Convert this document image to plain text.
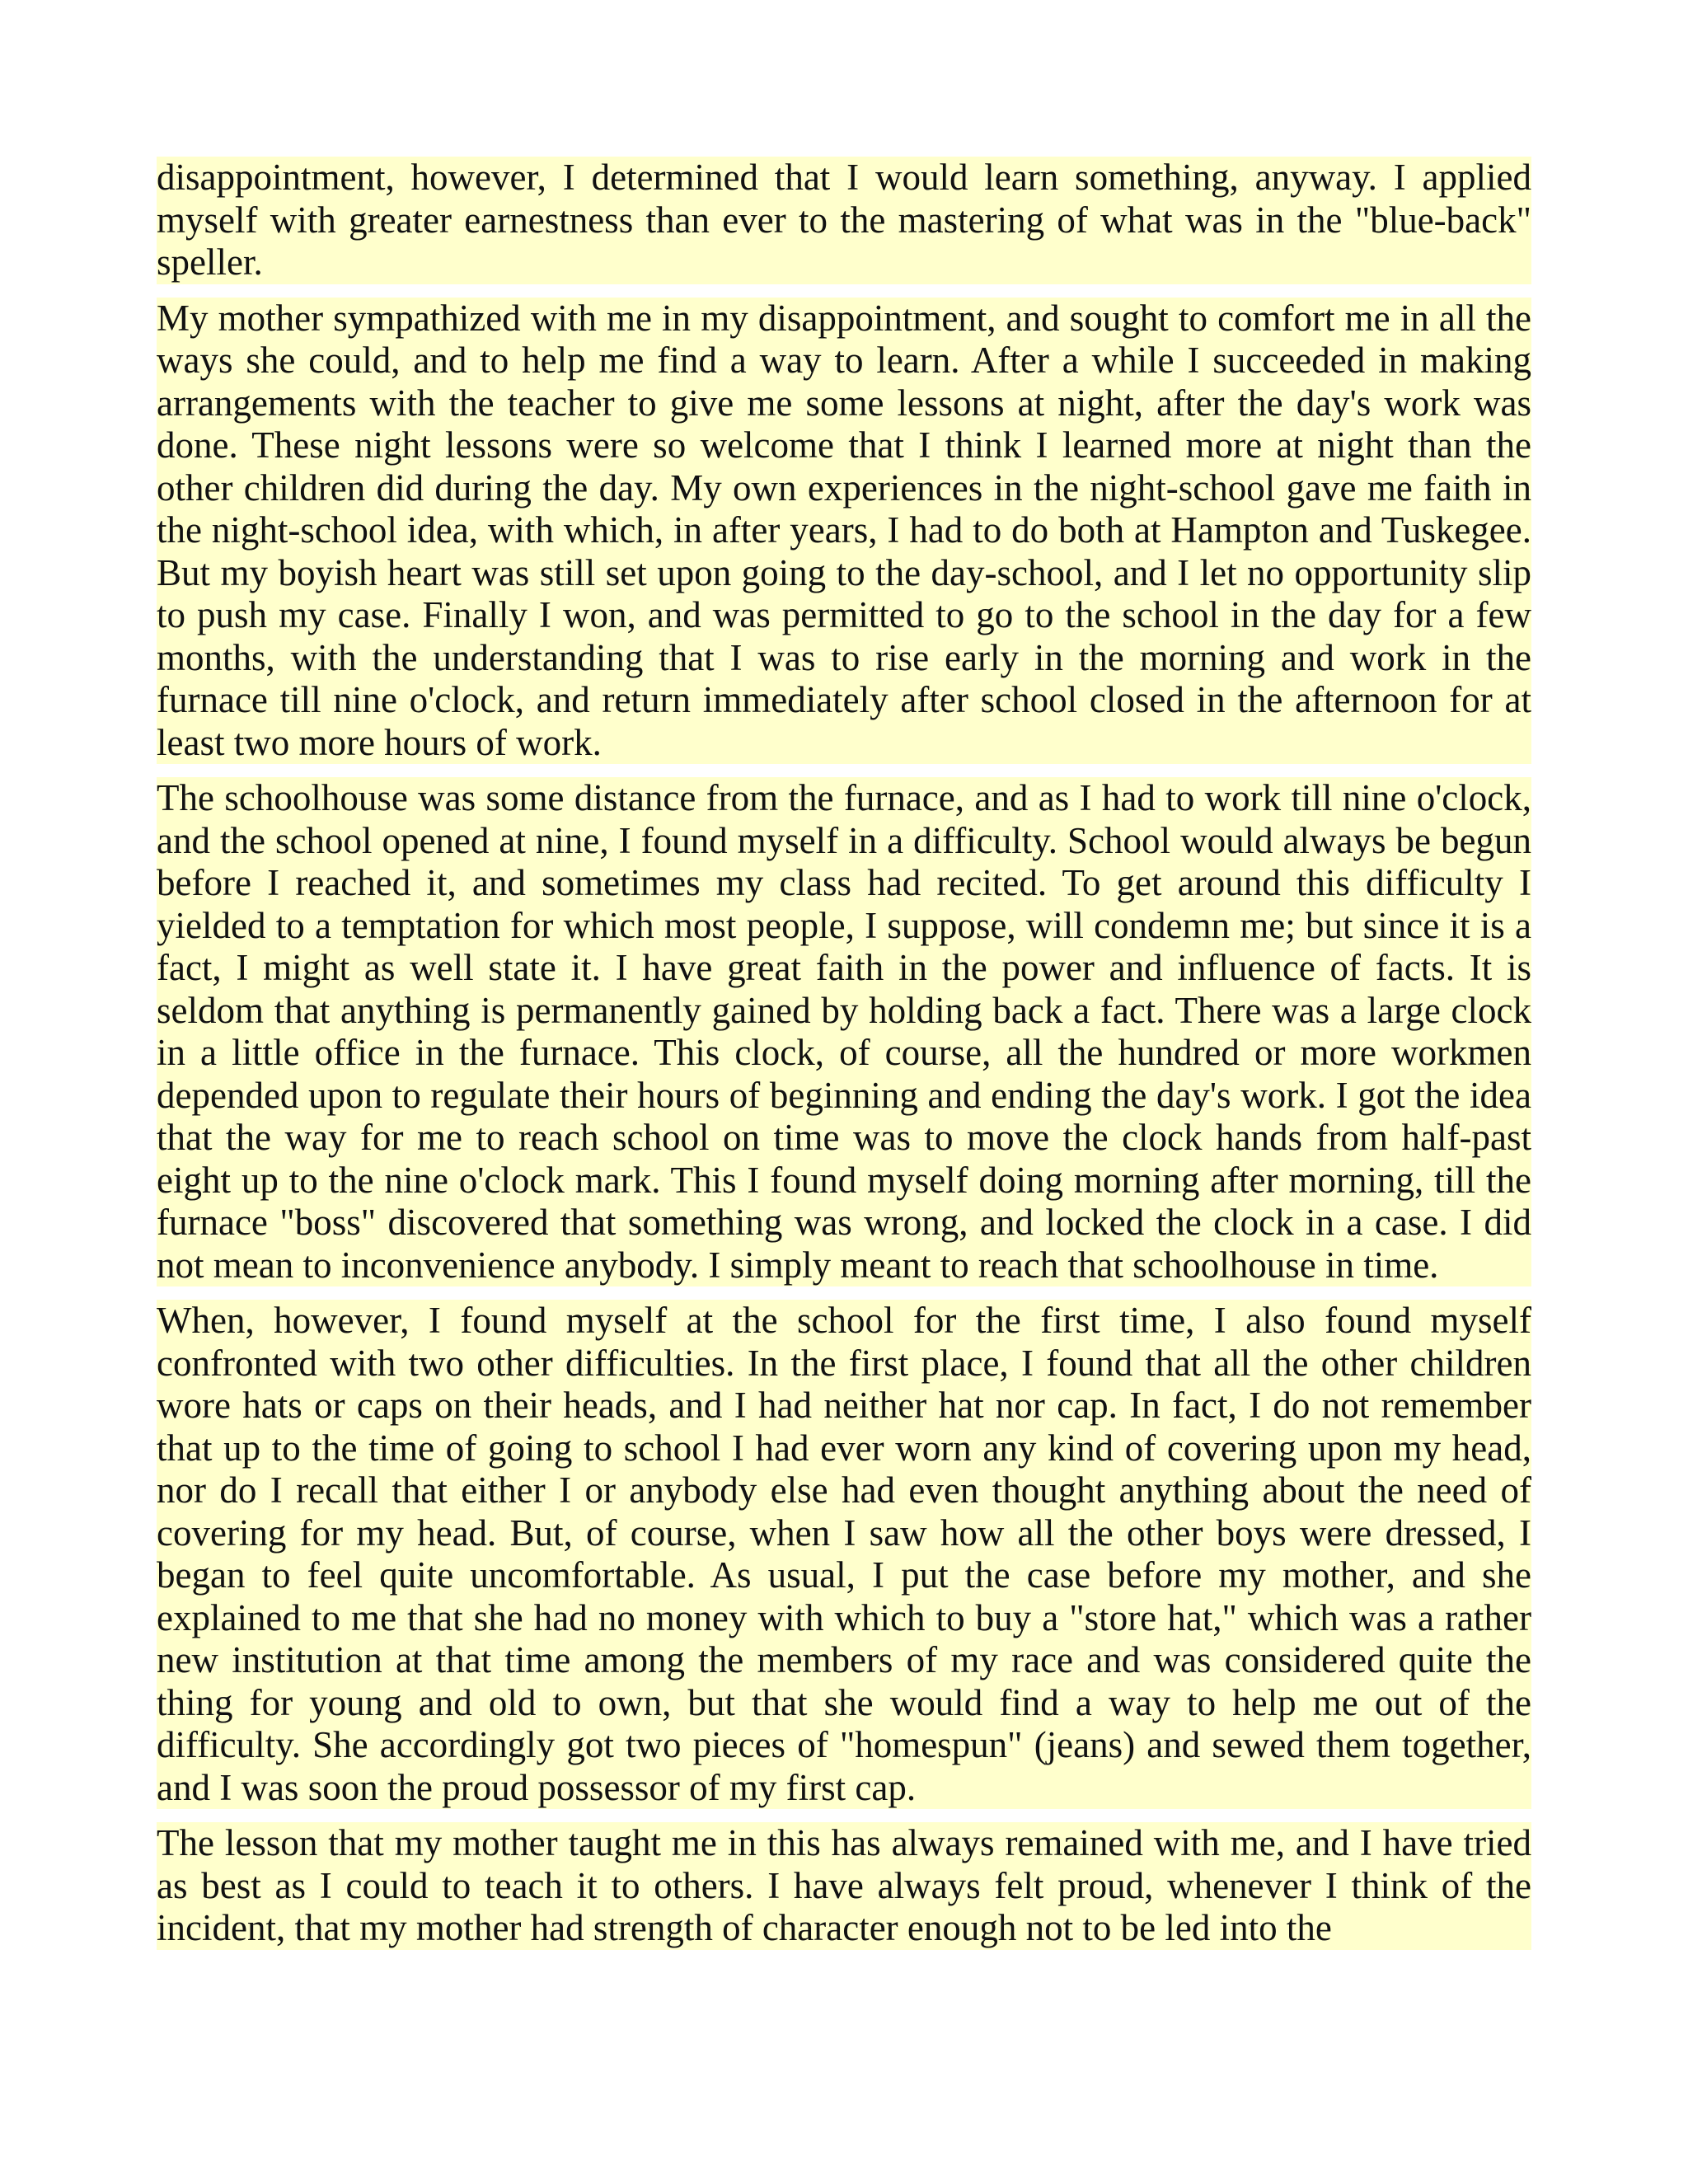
disappointment, however, I determined that I would learn something, anyway. I applied myself with greater earnestness than ever to the mastering of what was in the "blue-back" speller.

My mother sympathized with me in my disappointment, and sought to comfort me in all the ways she could, and to help me find a way to learn. After a while I succeeded in making arrangements with the teacher to give me some lessons at night, after the day's work was done. These night lessons were so welcome that I think I learned more at night than the other children did during the day. My own experiences in the night-school gave me faith in the night-school idea, with which, in after years, I had to do both at Hampton and Tuskegee. But my boyish heart was still set upon going to the day-school, and I let no opportunity slip to push my case. Finally I won, and was permitted to go to the school in the day for a few months, with the understanding that I was to rise early in the morning and work in the furnace till nine o'clock, and return immediately after school closed in the afternoon for at least two more hours of work.

The schoolhouse was some distance from the furnace, and as I had to work till nine o'clock, and the school opened at nine, I found myself in a difficulty. School would always be begun before I reached it, and sometimes my class had recited. To get around this difficulty I yielded to a temptation for which most people, I suppose, will condemn me; but since it is a fact, I might as well state it. I have great faith in the power and influence of facts. It is seldom that anything is permanently gained by holding back a fact. There was a large clock in a little office in the furnace. This clock, of course, all the hundred or more workmen depended upon to regulate their hours of beginning and ending the day's work. I got the idea that the way for me to reach school on time was to move the clock hands from half-past eight up to the nine o'clock mark. This I found myself doing morning after morning, till the furnace "boss" discovered that something was wrong, and locked the clock in a case. I did not mean to inconvenience anybody. I simply meant to reach that schoolhouse in time.

When, however, I found myself at the school for the first time, I also found myself confronted with two other difficulties. In the first place, I found that all the other children wore hats or caps on their heads, and I had neither hat nor cap. In fact, I do not remember that up to the time of going to school I had ever worn any kind of covering upon my head, nor do I recall that either I or anybody else had even thought anything about the need of covering for my head. But, of course, when I saw how all the other boys were dressed, I began to feel quite uncomfortable. As usual, I put the case before my mother, and she explained to me that she had no money with which to buy a "store hat," which was a rather new institution at that time among the members of my race and was considered quite the thing for young and old to own, but that she would find a way to help me out of the difficulty. She accordingly got two pieces of "homespun" (jeans) and sewed them together, and I was soon the proud possessor of my first cap.

The lesson that my mother taught me in this has always remained with me, and I have tried as best as I could to teach it to others. I have always felt proud, whenever I think of the incident, that my mother had strength of character enough not to be led into the
